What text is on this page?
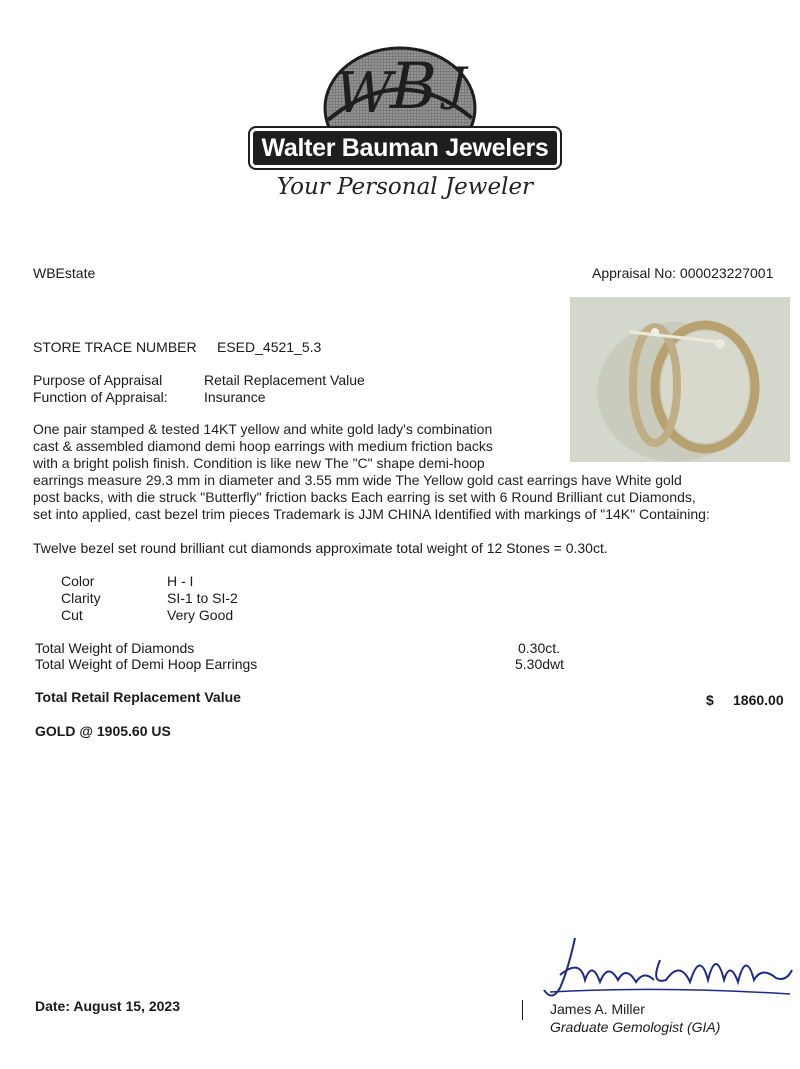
W
B J
Walter Bauman Jewelers
Your Personal Jeweler
WBEstate	Appraisal No: 000023227001
STORE TRACE NUMBER ESED_4521_5.3
Purpose of Appraisal	Retail Replacement Value
Function of Appraisal:	Insurance
One pair stamped & tested 14KT yellow and white gold lady's combination
cast & assembled diamond demi hoop earrings with medium friction backs
with a bright polish finish. Condition is like new The "C" shape demi-hoop
earrings measure 29.3 mm in diameter and 3.55 mm wide The Yellow gold cast earrings have White gold
post backs, with die struck "Butterfly" friction backs Each earring is set with 6 Round Brilliant cut Diamonds,
set into applied, cast bezel trim pieces Trademark is JJM CHINA Identified with markings of "14K" Containing:
Twelve bezel set round brilliant cut diamonds approximate total weight of 12 Stones = 0.30ct.
Color	H - I
Clarity	SI-1 to SI-2
Cut	Very Good
Total Weight of Diamonds	0.30ct.
Total Weight of Demi Hoop Earrings	5.30dwt
Total Retail Replacement Value	$ 1860.00
GOLD @ 1905.60 US
Date: August 15, 2023	James A. Miller
Graduate Gemologist (GIA)
